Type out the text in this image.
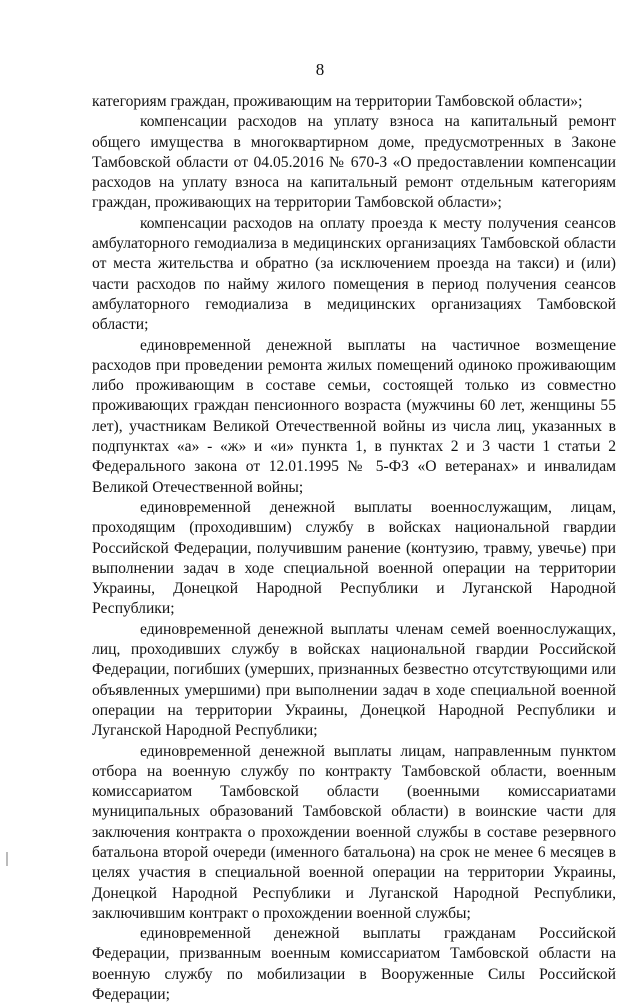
8

категориям граждан, проживающим на территории Тамбовской области»;

компенсации расходов на уплату взноса на капитальный ремонт общего имущества в многоквартирном доме, предусмотренных в Законе Тамбовской области от 04.05.2016 № 670-З «О предоставлении компенсации расходов на уплату взноса на капитальный ремонт отдельным категориям граждан, проживающих на территории Тамбовской области»;

компенсации расходов на оплату проезда к месту получения сеансов амбулаторного гемодиализа в медицинских организациях Тамбовской области от места жительства и обратно (за исключением проезда на такси) и (или) части расходов по найму жилого помещения в период получения сеансов амбулаторного гемодиализа в медицинских организациях Тамбовской области;

единовременной денежной выплаты на частичное возмещение расходов при проведении ремонта жилых помещений одиноко проживающим либо проживающим в составе семьи, состоящей только из совместно проживающих граждан пенсионного возраста (мужчины 60 лет, женщины 55 лет), участникам Великой Отечественной войны из числа лиц, указанных в подпунктах «а» - «ж» и «и» пункта 1, в пунктах 2 и 3 части 1 статьи 2 Федерального закона от 12.01.1995 № 5-ФЗ «О ветеранах» и инвалидам Великой Отечественной войны;

единовременной денежной выплаты военнослужащим, лицам, проходящим (проходившим) службу в войсках национальной гвардии Российской Федерации, получившим ранение (контузию, травму, увечье) при выполнении задач в ходе специальной военной операции на территории Украины, Донецкой Народной Республики и Луганской Народной Республики;

единовременной денежной выплаты членам семей военнослужащих, лиц, проходивших службу в войсках национальной гвардии Российской Федерации, погибших (умерших, признанных безвестно отсутствующими или объявленных умершими) при выполнении задач в ходе специальной военной операции на территории Украины, Донецкой Народной Республики и Луганской Народной Республики;

единовременной денежной выплаты лицам, направленным пунктом отбора на военную службу по контракту Тамбовской области, военным комиссариатом Тамбовской области (военными комиссариатами муниципальных образований Тамбовской области) в воинские части для заключения контракта о прохождении военной службы в составе резервного батальона второй очереди (именного батальона) на срок не менее 6 месяцев в целях участия в специальной военной операции на территории Украины, Донецкой Народной Республики и Луганской Народной Республики, заключившим контракт о прохождении военной службы;

единовременной денежной выплаты гражданам Российской Федерации, призванным военным комиссариатом Тамбовской области на военную службу по мобилизации в Вооруженные Силы Российской Федерации;
